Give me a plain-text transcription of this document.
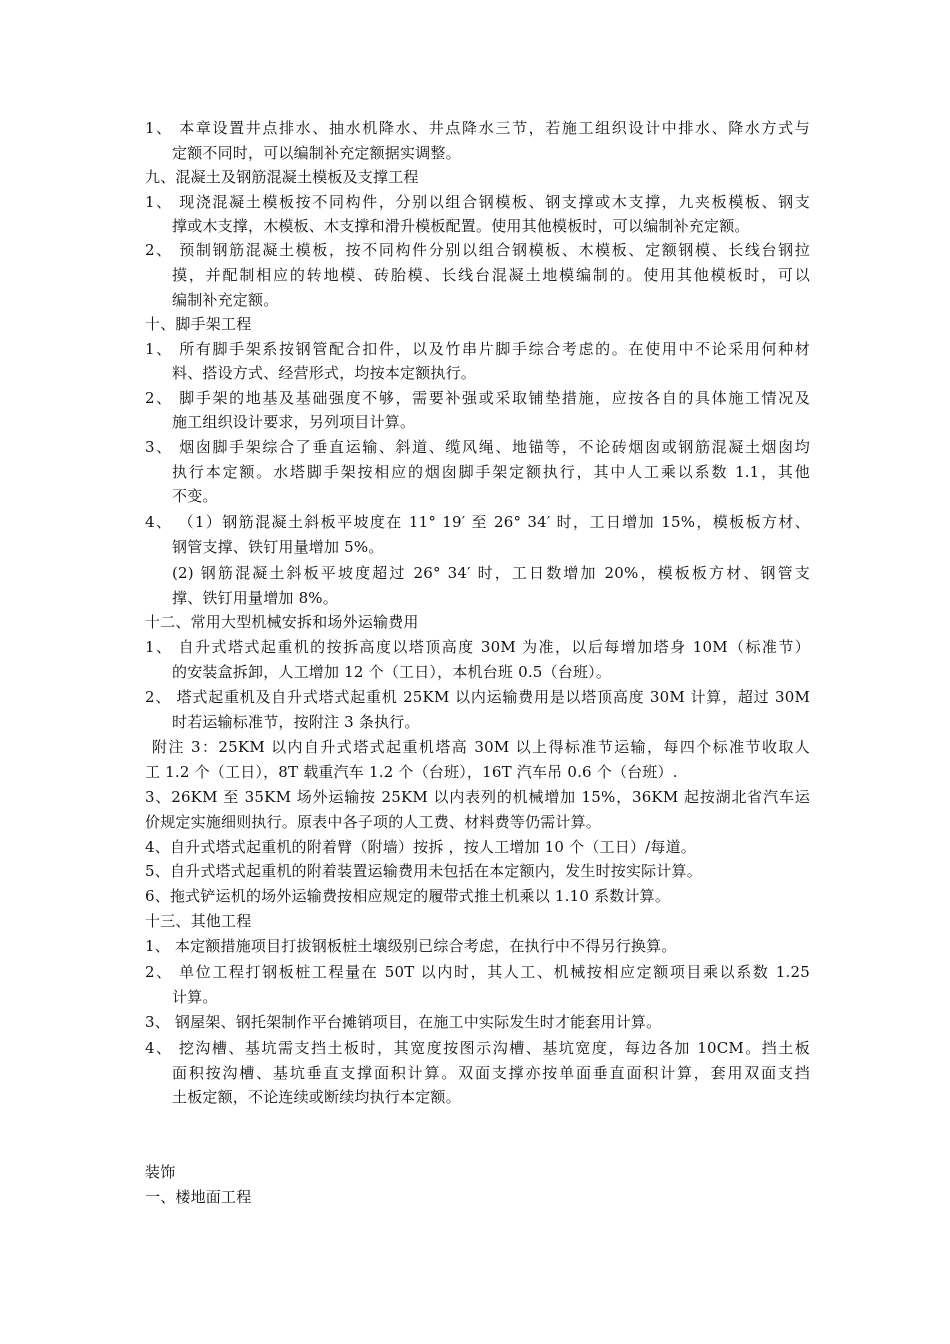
1、 本章设置井点排水、抽水机降水、井点降水三节，若施工组织设计中排水、降水方式与
定额不同时，可以编制补充定额据实调整。
九、混凝土及钢筋混凝土模板及支撑工程
1、 现浇混凝土模板按不同构件，分别以组合钢模板、钢支撑或木支撑，九夹板模板、钢支
撑或木支撑，木模板、木支撑和滑升模板配置。使用其他模板时，可以编制补充定额。
2、 预制钢筋混凝土模板，按不同构件分别以组合钢模板、木模板、定额钢模、长线台钢拉
摸，并配制相应的转地模、砖胎模、长线台混凝土地模编制的。使用其他模板时，可以
编制补充定额。
十、脚手架工程
1、 所有脚手架系按钢管配合扣件，以及竹串片脚手综合考虑的。在使用中不论采用何种材
料、搭设方式、经营形式，均按本定额执行。
2、 脚手架的地基及基础强度不够，需要补强或采取铺垫措施，应按各自的具体施工情况及
施工组织设计要求，另列项目计算。
3、 烟囱脚手架综合了垂直运输、斜道、缆风绳、地锚等，不论砖烟囱或钢筋混凝土烟囱均
执行本定额。水塔脚手架按相应的烟囱脚手架定额执行，其中人工乘以系数 1.1，其他
不变。
4、 （1）钢筋混凝土斜板平坡度在 11° 19′ 至 26° 34′ 时，工日增加 15%，模板板方材、
钢管支撑、铁钉用量增加 5%。
(2) 钢筋混凝土斜板平坡度超过 26° 34′ 时，工日数增加 20%，模板板方材、钢管支
撑、铁钉用量增加 8%。
十二、常用大型机械安拆和场外运输费用
1、 自升式塔式起重机的按拆高度以塔顶高度 30M 为准，以后每增加塔身 10M（标准节）
的安装盒拆卸，人工增加 12 个（工日），本机台班 0.5（台班）。
2、 塔式起重机及自升式塔式起重机 25KM 以内运输费用是以塔顶高度 30M 计算，超过 30M
时若运输标准节，按附注 3 条执行。
附注 3：25KM 以内自升式塔式起重机塔高 30M 以上得标准节运输，每四个标准节收取人
工 1.2 个（工日），8T 载重汽车 1.2 个（台班），16T 汽车吊 0.6 个（台班）.
3、26KM 至 35KM 场外运输按 25KM 以内表列的机械增加 15%，36KM 起按湖北省汽车运
价规定实施细则执行。原表中各子项的人工费、材料费等仍需计算。
4、自升式塔式起重机的附着臂（附墙）按拆 ，按人工增加 10 个（工日）/每道。
5、自升式塔式起重机的附着装置运输费用未包括在本定额内，发生时按实际计算。
6、拖式铲运机的场外运输费按相应规定的履带式推土机乘以 1.10 系数计算。
十三、其他工程
1、 本定额措施项目打拔钢板桩土壤级别已综合考虑，在执行中不得另行换算。
2、 单位工程打钢板桩工程量在 50T 以内时，其人工、机械按相应定额项目乘以系数 1.25
计算。
3、 钢屋架、钢托架制作平台摊销项目，在施工中实际发生时才能套用计算。
4、 挖沟槽、基坑需支挡土板时，其宽度按图示沟槽、基坑宽度，每边各加 10CM。挡土板
面积按沟槽、基坑垂直支撑面积计算。双面支撑亦按单面垂直面积计算，套用双面支挡
土板定额，不论连续或断续均执行本定额。
装饰
一、楼地面工程
